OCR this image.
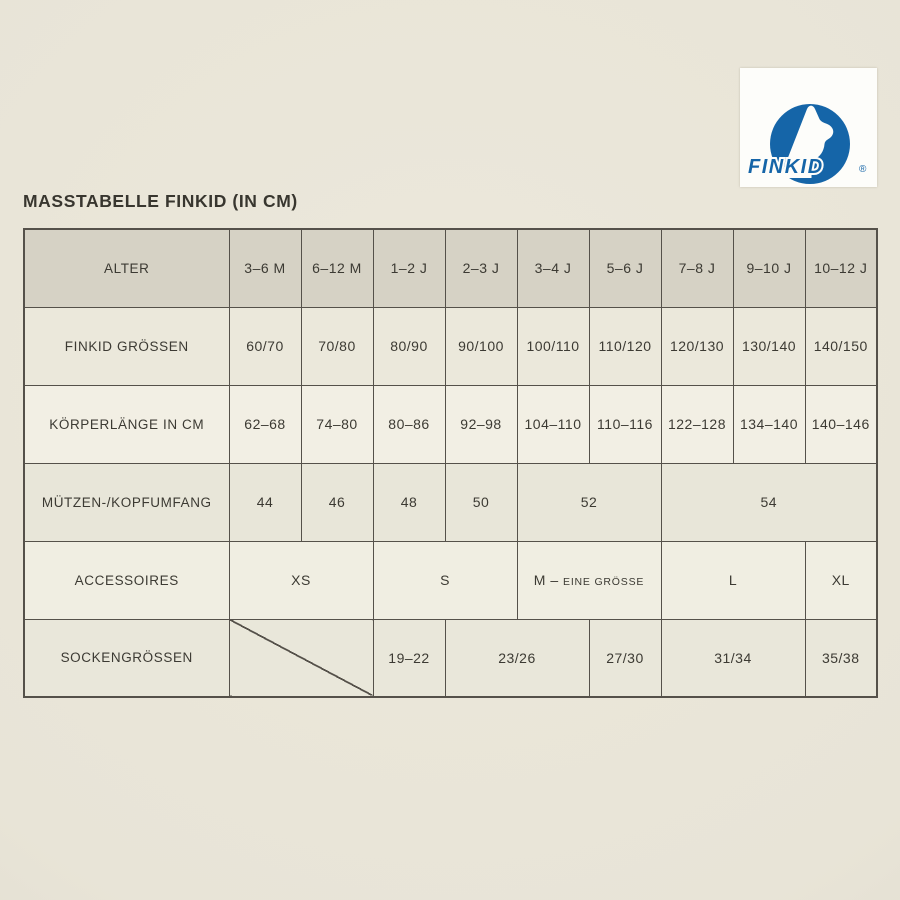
FINKID	®
MASSTABELLE FINKID (IN CM)
ALTER	3–6 M	6–12 M	1–2 J	2–3 J	3–4 J	5–6 J	7–8 J	9–10 J	10–12 J
FINKID GRÖSSEN	60/70	70/80	80/90	90/100	100/110	110/120	120/130	130/140	140/150
KÖRPERLÄNGE IN CM	62–68	74–80	80–86	92–98	104–110	110–116	122–128	134–140	140–146
MÜTZEN-/KOPFUMFANG	44	46	48	50	52		54		
ACCESSOIRES	XS		S		M – EINE GRÖSSE		L		XL
SOCKENGRÖSSEN			19–22	23/26		27/30	31/34		35/38
